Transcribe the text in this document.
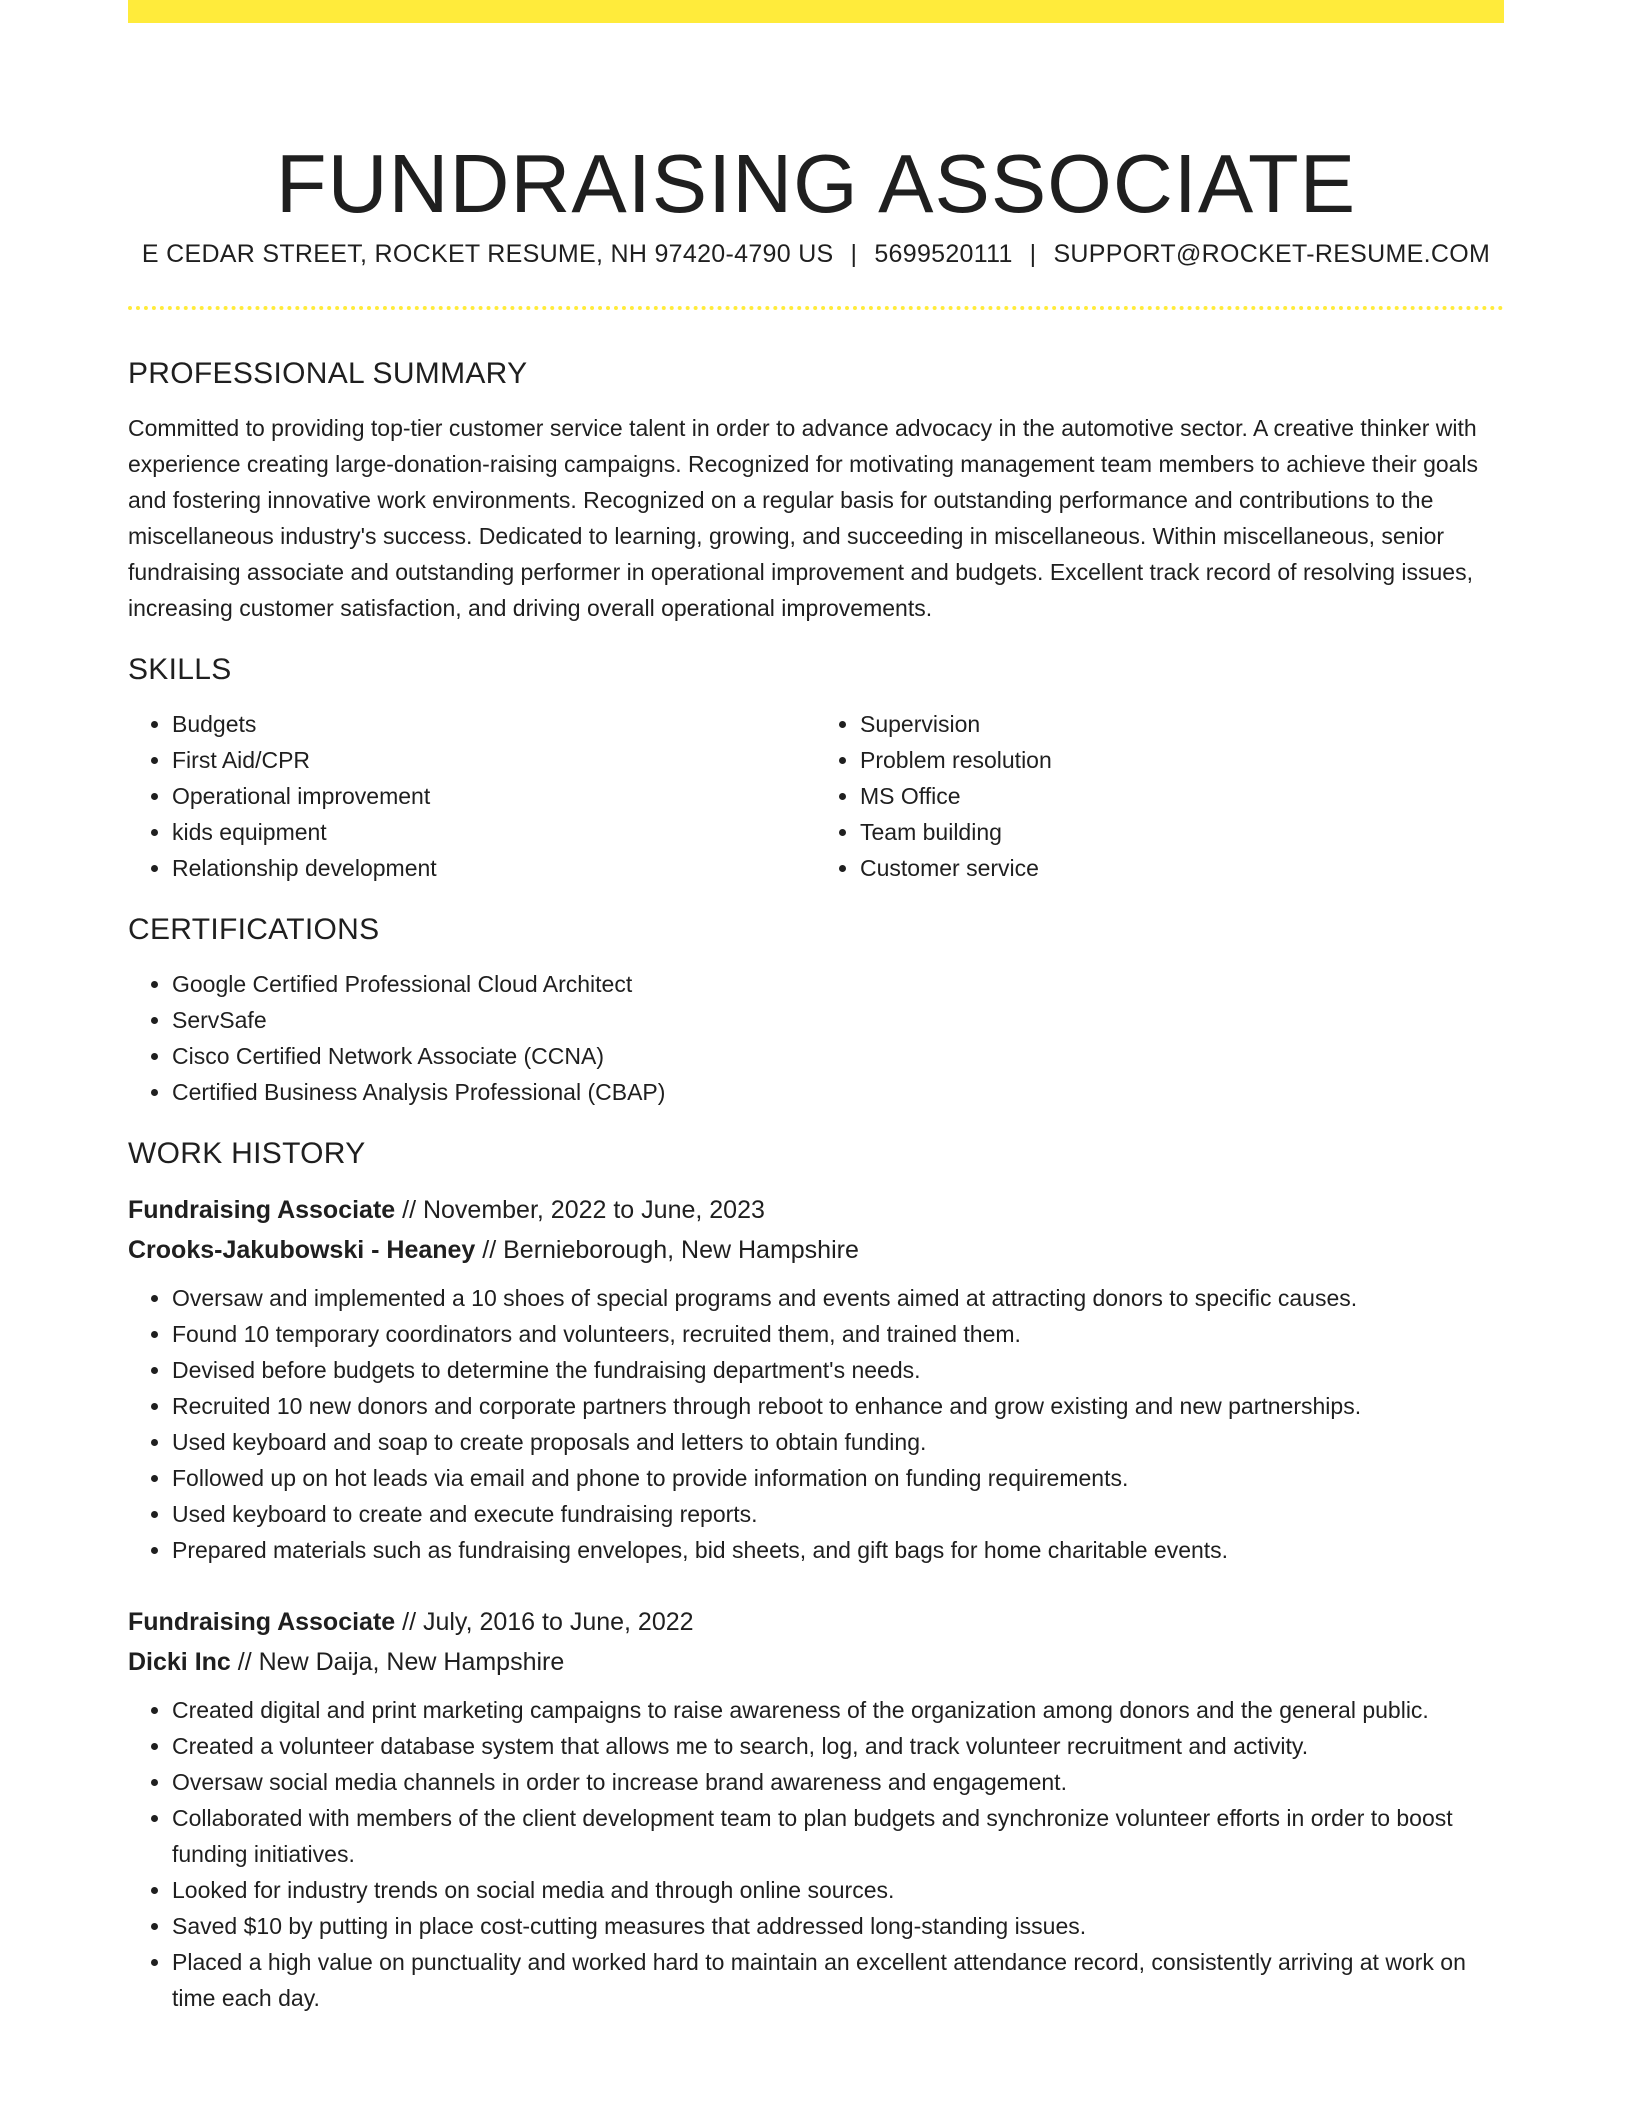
FUNDRAISING ASSOCIATE
E CEDAR STREET, ROCKET RESUME, NH 97420-4790 US | 5699520111 | SUPPORT@ROCKET-RESUME.COM
PROFESSIONAL SUMMARY

Committed to providing top-tier customer service talent in order to advance advocacy in the automotive sector. A creative thinker with experience creating large-donation-raising campaigns. Recognized for motivating management team members to achieve their goals and fostering innovative work environments. Recognized on a regular basis for outstanding performance and contributions to the miscellaneous industry's success. Dedicated to learning, growing, and succeeding in miscellaneous. Within miscellaneous, senior fundraising associate and outstanding performer in operational improvement and budgets. Excellent track record of resolving issues, increasing customer satisfaction, and driving overall operational improvements.

SKILLS
• Budgets
• First Aid/CPR
• Operational improvement
• kids equipment
• Relationship development
• Supervision
• Problem resolution
• MS Office
• Team building
• Customer service
CERTIFICATIONS
• Google Certified Professional Cloud Architect
• ServSafe
• Cisco Certified Network Associate (CCNA)
• Certified Business Analysis Professional (CBAP)
WORK HISTORY
Fundraising Associate // November, 2022 to June, 2023
Crooks-Jakubowski - Heaney // Bernieborough, New Hampshire
• Oversaw and implemented a 10 shoes of special programs and events aimed at attracting donors to specific causes.
• Found 10 temporary coordinators and volunteers, recruited them, and trained them.
• Devised before budgets to determine the fundraising department's needs.
• Recruited 10 new donors and corporate partners through reboot to enhance and grow existing and new partnerships.
• Used keyboard and soap to create proposals and letters to obtain funding.
• Followed up on hot leads via email and phone to provide information on funding requirements.
• Used keyboard to create and execute fundraising reports.
• Prepared materials such as fundraising envelopes, bid sheets, and gift bags for home charitable events.
Fundraising Associate // July, 2016 to June, 2022
Dicki Inc // New Daija, New Hampshire
• Created digital and print marketing campaigns to raise awareness of the organization among donors and the general public.
• Created a volunteer database system that allows me to search, log, and track volunteer recruitment and activity.
• Oversaw social media channels in order to increase brand awareness and engagement.
• Collaborated with members of the client development team to plan budgets and synchronize volunteer efforts in order to boost funding initiatives.
• Looked for industry trends on social media and through online sources.
• Saved $10 by putting in place cost-cutting measures that addressed long-standing issues.
• Placed a high value on punctuality and worked hard to maintain an excellent attendance record, consistently arriving at work on time each day.
